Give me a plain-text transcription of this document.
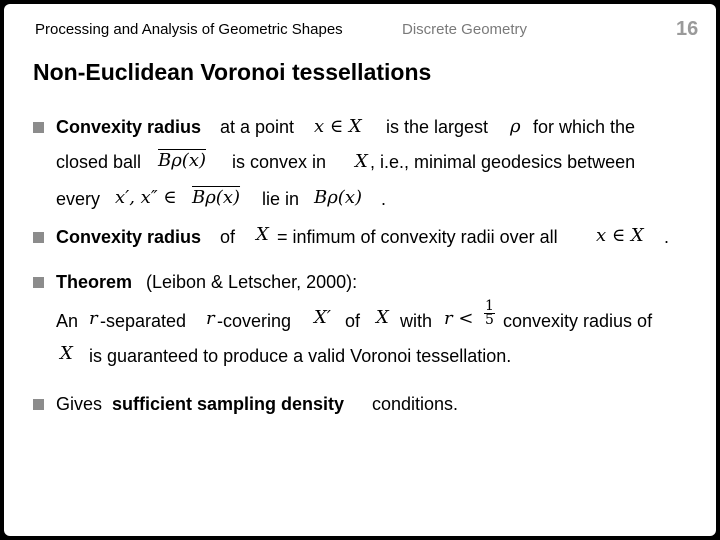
Processing and Analysis of Geometric Shapes	Discrete Geometry	16
Non-Euclidean Voronoi tessellations
Convexity radius at a point x ∈ X is the largest ρ for which the
closed ball Bρ(x) is convex in X , i.e., minimal geodesics between
every x′, x″ ∈ Bρ(x) lie in Bρ(x) .
Convexity radius of X = infimum of convexity radii over all x ∈ X .
Theorem (Leibon & Letscher, 2000):
An r -separated r -covering X′ of X with $r < \frac{1}{5}$ convexity radius of
X is guaranteed to produce a valid Voronoi tessellation.
Gives sufficient sampling density conditions.
